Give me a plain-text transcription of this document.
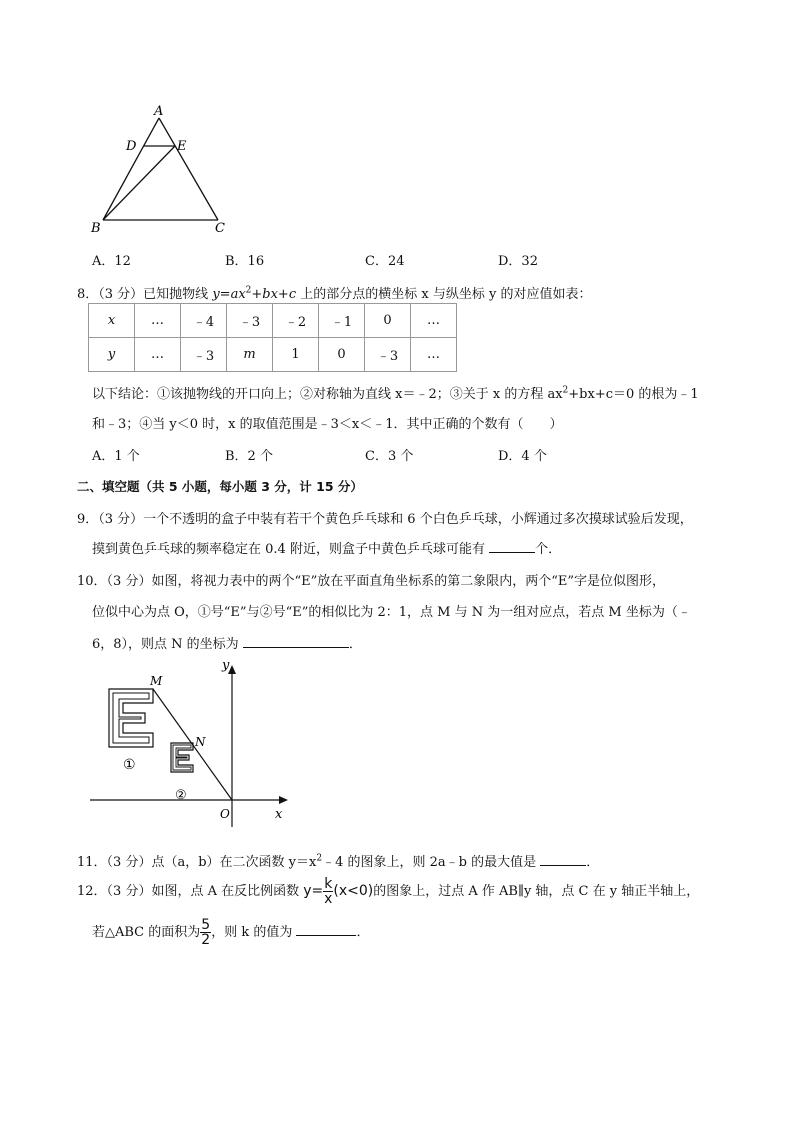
A
D	E
B	C
A．12	B．16	C．24	D．32
8．（3 分）已知抛物线 $y=ax^2+bx+c$ 上的部分点的横坐标 x 与纵坐标 y 的对应值如表：
x	…	﹣4	﹣3	﹣2	﹣1	0	…
y	…	﹣3	m	1	0	﹣3	…
以下结论：①该抛物线的开口向上；②对称轴为直线 x＝﹣2；③关于 x 的方程 $ax^2+bx+c=0$ 的根为﹣1
和﹣3；④当 y＜0 时，x 的取值范围是﹣3＜x＜﹣1．其中正确的个数有（　　）
A．1 个	B．2 个	C．3 个	D．4 个
二、填空题（共 5 小题，每小题 3 分，计 15 分）
9．（3 分）一个不透明的盒子中装有若干个黄色乒乓球和 6 个白色乒乓球，小辉通过多次摸球试验后发现，
摸到黄色乒乓球的频率稳定在 0.4 附近，则盒子中黄色乒乓球可能有	个．
10．（3 分）如图，将视力表中的两个“E”放在平面直角坐标系的第二象限内，两个“E”字是位似图形，
位似中心为点 O，①号“E”与②号“E”的相似比为 2：1，点 M 与 N 为一组对应点，若点 M 坐标为（﹣
6，8），则点 N 的坐标为	．
M
N
O	x
y
①
②
11．（3 分）点（a，b）在二次函数 $y=x^2﹣4$ 的图象上，则 2a﹣b 的最大值是	．
12．（3 分）如图，点 A 在反比例函数 $y= \frac{k}{x} (x<0)$的图象上，过点 A 作 AB∥y 轴，点 C 在 y 轴正半轴上，
若△ABC 的面积为 $\frac{5}{2}$ ，则 k 的值为	．
